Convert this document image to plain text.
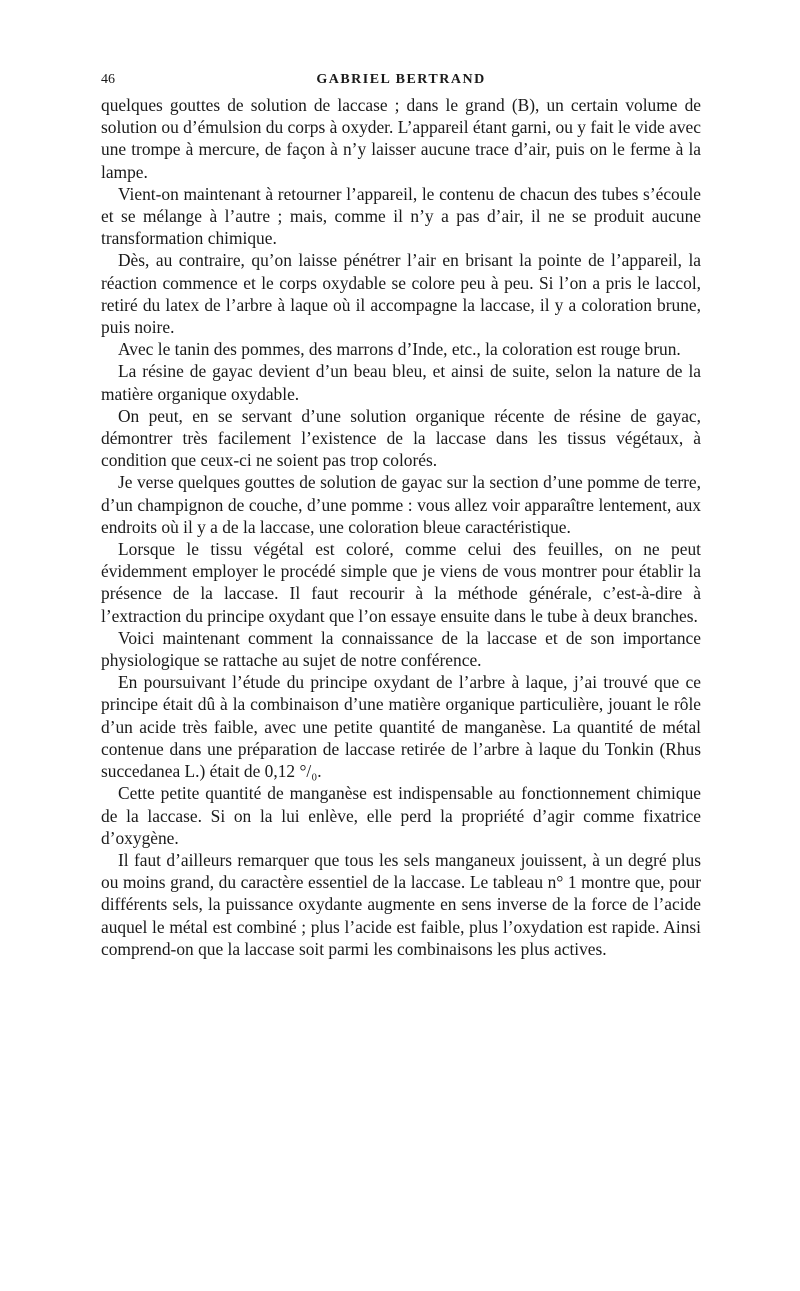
46	GABRIEL BERTRAND

quelques gouttes de solution de laccase ; dans le grand (B), un certain volume de solution ou d’émulsion du corps à oxyder. L’appareil étant garni, ou y fait le vide avec une trompe à mercure, de façon à n’y laisser aucune trace d’air, puis on le ferme à la lampe.

Vient-on maintenant à retourner l’appareil, le contenu de chacun des tubes s’écoule et se mélange à l’autre ; mais, comme il n’y a pas d’air, il ne se produit aucune transformation chimique.

Dès, au contraire, qu’on laisse pénétrer l’air en brisant la pointe de l’appareil, la réaction commence et le corps oxydable se colore peu à peu. Si l’on a pris le laccol, retiré du latex de l’arbre à laque où il accompagne la laccase, il y a coloration brune, puis noire.

Avec le tanin des pommes, des marrons d’Inde, etc., la coloration est rouge brun.

La résine de gayac devient d’un beau bleu, et ainsi de suite, selon la nature de la matière organique oxydable.

On peut, en se servant d’une solution organique récente de résine de gayac, démontrer très facilement l’existence de la laccase dans les tissus végétaux, à condition que ceux-ci ne soient pas trop colorés.

Je verse quelques gouttes de solution de gayac sur la section d’une pomme de terre, d’un champignon de couche, d’une pomme : vous allez voir apparaître lentement, aux endroits où il y a de la laccase, une coloration bleue caractéristique.

Lorsque le tissu végétal est coloré, comme celui des feuilles, on ne peut évidemment employer le procédé simple que je viens de vous montrer pour établir la présence de la laccase. Il faut recourir à la méthode générale, c’est-à-dire à l’extraction du principe oxydant que l’on essaye ensuite dans le tube à deux branches.

Voici maintenant comment la connaissance de la laccase et de son importance physiologique se rattache au sujet de notre conférence.

En poursuivant l’étude du principe oxydant de l’arbre à laque, j’ai trouvé que ce principe était dû à la combinaison d’une matière organique particulière, jouant le rôle d’un acide très faible, avec une petite quantité de manganèse. La quantité de métal contenue dans une préparation de laccase retirée de l’arbre à laque du Tonkin (Rhus succedanea L.) était de 0,12 °/₀.

Cette petite quantité de manganèse est indispensable au fonctionnement chimique de la laccase. Si on la lui enlève, elle perd la propriété d’agir comme fixatrice d’oxygène.

Il faut d’ailleurs remarquer que tous les sels manganeux jouissent, à un degré plus ou moins grand, du caractère essentiel de la laccase. Le tableau n° 1 montre que, pour différents sels, la puissance oxydante augmente en sens inverse de la force de l’acide auquel le métal est combiné ; plus l’acide est faible, plus l’oxydation est rapide. Ainsi comprend-on que la laccase soit parmi les combinaisons les plus actives.
